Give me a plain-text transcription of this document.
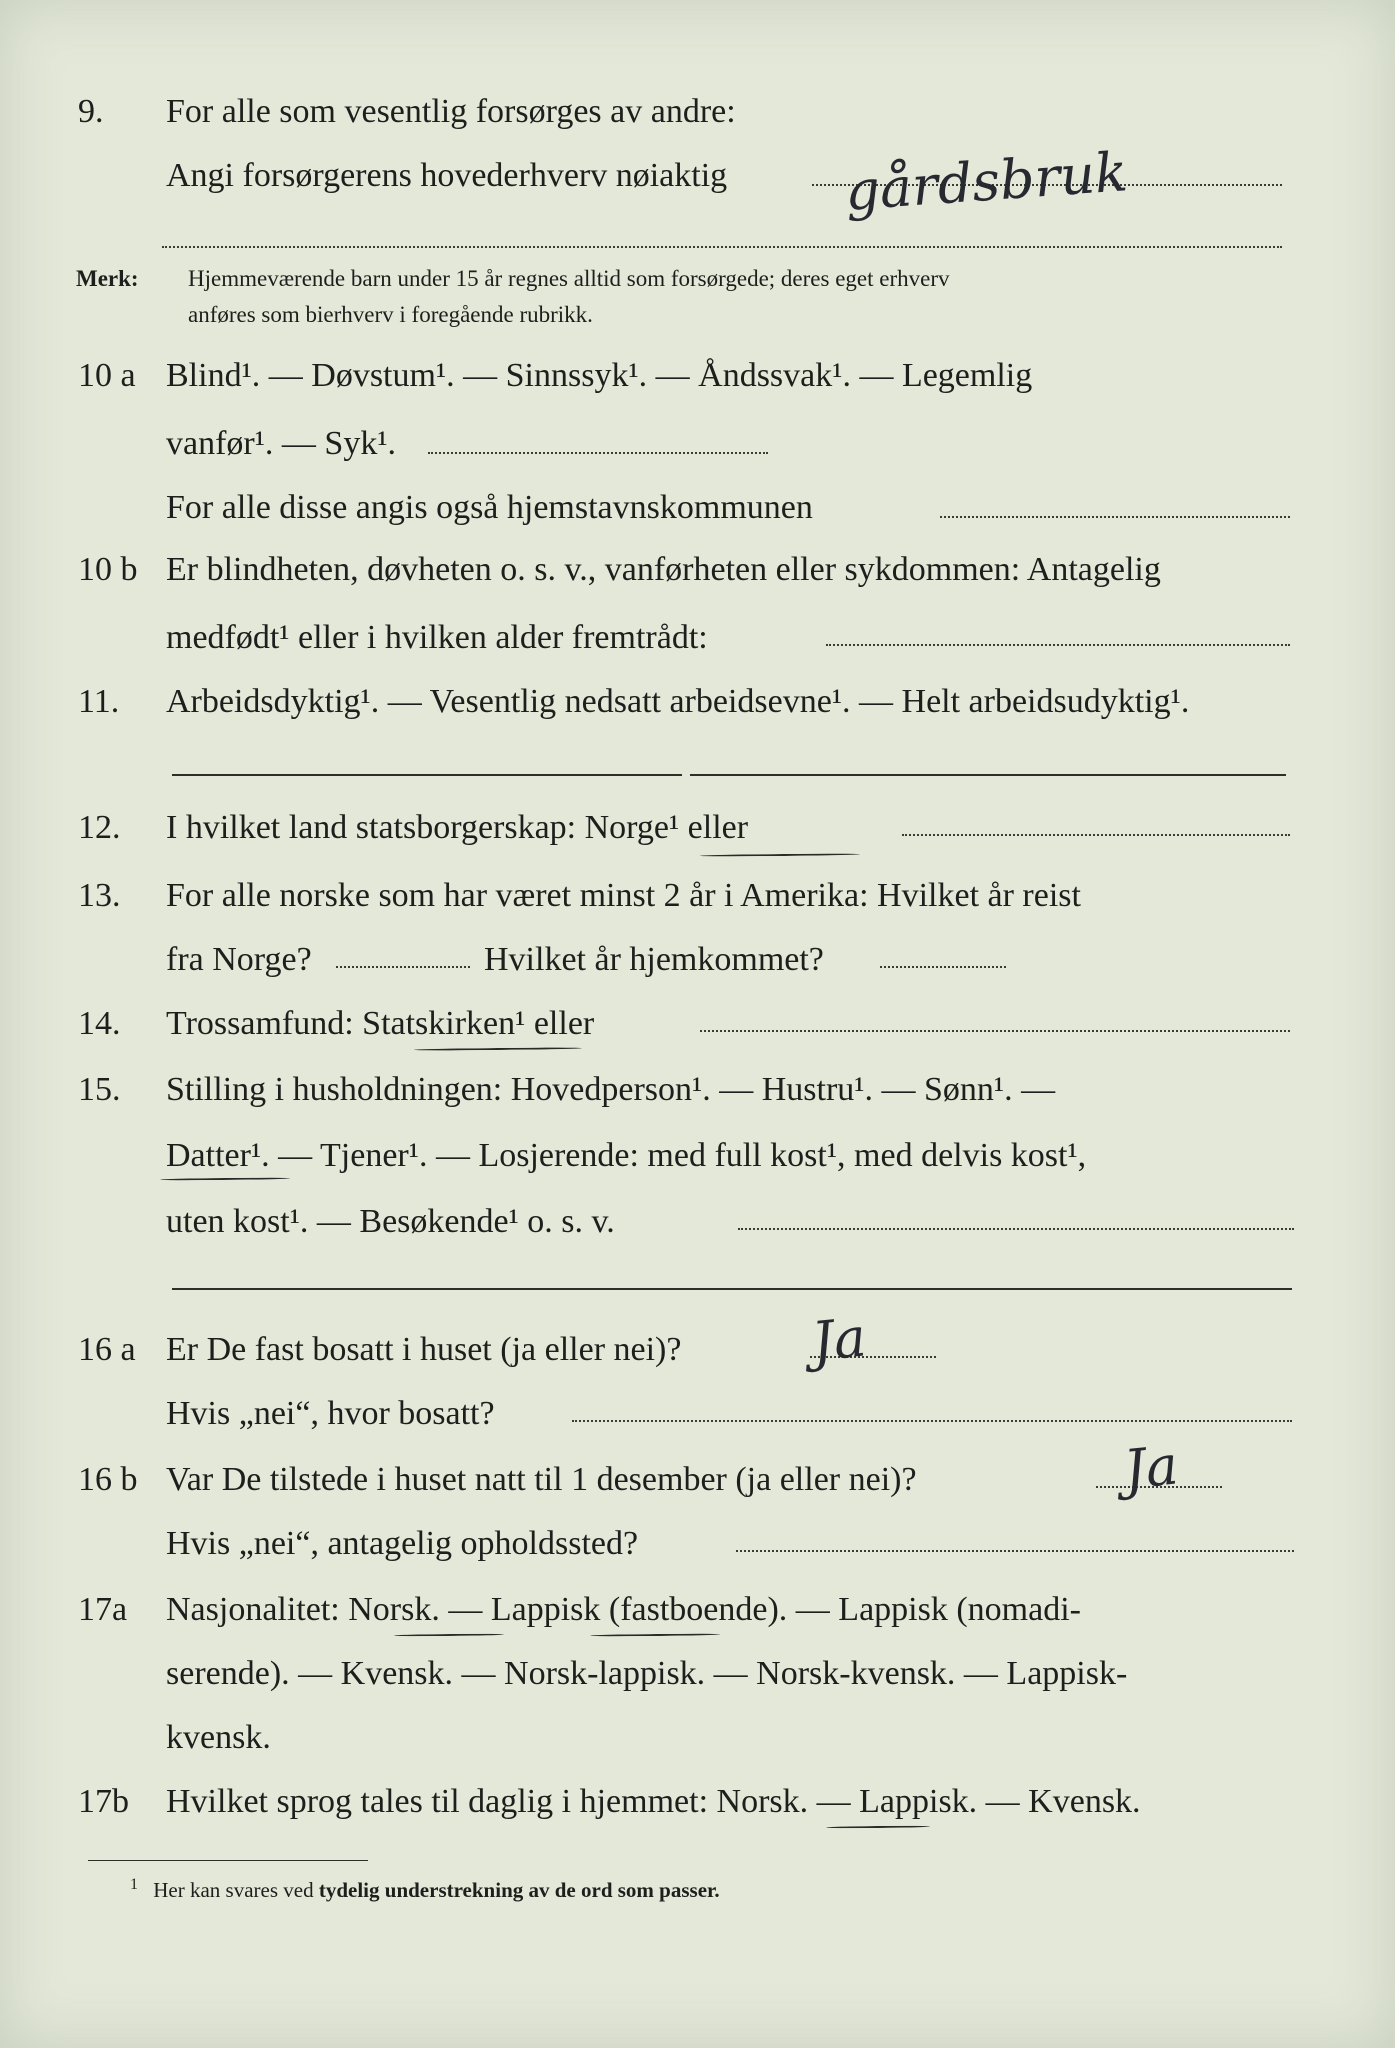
9. For alle som vesentlig forsørges av andre:
Angi forsørgerens hovederhverv nøiaktig gårdsbruk
Merk: Hjemmeværende barn under 15 år regnes alltid som forsørgede; deres eget erhverv
anføres som bierhverv i foregående rubrikk.
10 a Blind¹. — Døvstum¹. — Sinnssyk¹. — Åndssvak¹. — Legemlig
vanfør¹. — Syk¹.
For alle disse angis også hjemstavnskommunen
10 b Er blindheten, døvheten o. s. v., vanførheten eller sykdommen: Antagelig
medfødt¹ eller i hvilken alder fremtrådt:
11. Arbeidsdyktig¹. — Vesentlig nedsatt arbeidsevne¹. — Helt arbeidsudyktig¹.
12. I hvilket land statsborgerskap: Norge¹ eller
13. For alle norske som har været minst 2 år i Amerika: Hvilket år reist
fra Norge?	Hvilket år hjemkommet?
14. Trossamfund: Statskirken¹ eller
15. Stilling i husholdningen: Hovedperson¹. — Hustru¹. — Sønn¹. —
Datter¹. — Tjener¹. — Losjerende: med full kost¹, med delvis kost¹,
uten kost¹. — Besøkende¹ o. s. v.
16 a Er De fast bosatt i huset (ja eller nei)? Ja
Hvis „nei“, hvor bosatt?
16 b Var De tilstede i huset natt til 1 desember (ja eller nei)?	Ja
Hvis „nei“, antagelig opholdssted?
17a Nasjonalitet: Norsk. — Lappisk (fastboende). — Lappisk (nomadi-
serende). — Kvensk. — Norsk-lappisk. — Norsk-kvensk. — Lappisk-
kvensk.
17b Hvilket sprog tales til daglig i hjemmet: Norsk. — Lappisk. — Kvensk.
$^1$ Her kan svares ved tydelig understrekning av de ord som passer.
